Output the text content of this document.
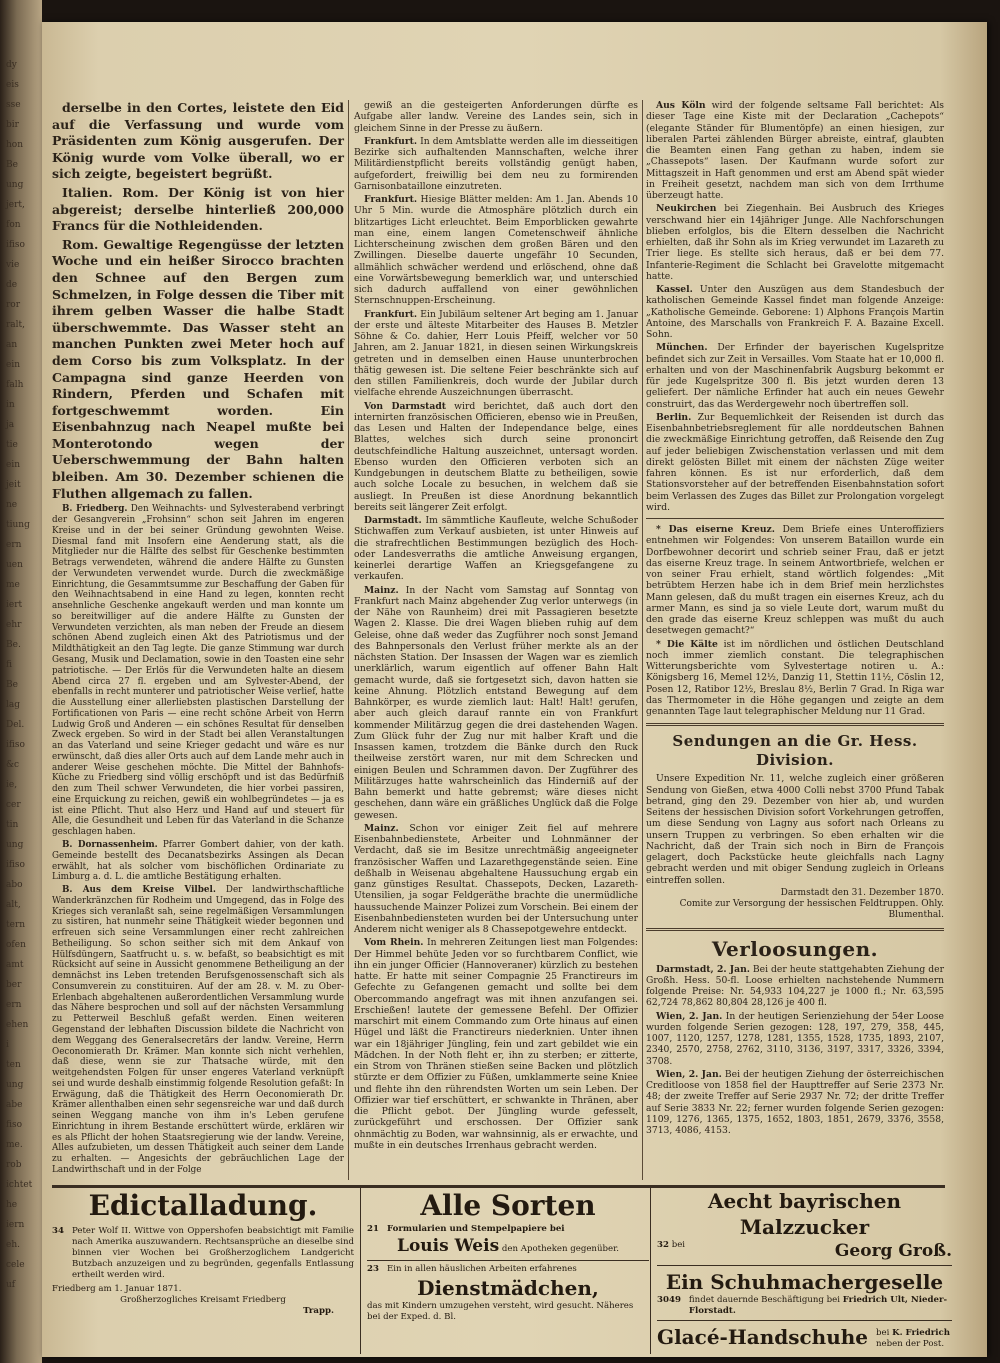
dy
eis
sse
bir
hon
Be
ung
jert,
fon
ifiso
vie
de
ror
ralt,
an
ein
falh
in
ja
tie
ein
jeit
ne
tiung
ern
uen
me
iert
ehr
Be.
fi
Be
lag
Del.
ifiso
&c
ie,
cer
tin
ung
ifiso
abo
alt,
tern
ofen
amt
ber
ern
ehen
i
ten
ung
abe
fiso
me.
rob
ichtet
he
iern
eh.
cele
uf

derselbe in den Cortes, leistete den Eid auf die Verfassung und wurde vom Präsidenten zum König ausgerufen. Der König wurde vom Volke überall, wo er sich zeigte, begeistert begrüßt.

Italien. Rom. Der König ist von hier abgereist; derselbe hinterließ 200,000 Francs für die Nothleidenden.

Rom. Gewaltige Regengüsse der letzten Woche und ein heißer Sirocco brachten den Schnee auf den Bergen zum Schmelzen, in Folge dessen die Tiber mit ihrem gelben Wasser die halbe Stadt überschwemmte. Das Wasser steht an manchen Punkten zwei Meter hoch auf dem Corso bis zum Volksplatz. In der Campagna sind ganze Heerden von Rindern, Pferden und Schafen mit fortgeschwemmt worden. Ein Eisenbahnzug nach Neapel mußte bei Monterotondo wegen der Ueberschwemmung der Bahn halten bleiben. Am 30. Dezember schienen die Fluthen allgemach zu fallen.

B. Friedberg. Den Weihnachts- und Sylvesterabend verbringt der Gesangverein „Frohsinn“ schon seit Jahren im engeren Kreise und in der bei seiner Gründung gewohnten Weise. Diesmal fand mit Insofern eine Aenderung statt, als die Mitglieder nur die Hälfte des selbst für Geschenke bestimmten Betrags verwendeten, während die andere Hälfte zu Gunsten der Verwundeten verwendet wurde. Durch die zweckmäßige Einrichtung, die Gesammtsumme zur Beschaffung der Gaben für den Weihnachtsabend in eine Hand zu legen, konnten recht ansehnliche Geschenke angekauft werden und man konnte um so bereitwilliger auf die andere Hälfte zu Gunsten der Verwundeten verzichten, als man neben der Freude an diesem schönen Abend zugleich einen Akt des Patriotismus und der Mildthätigkeit an den Tag legte. Die ganze Stimmung war durch Gesang, Musik und Declamation, sowie in den Toasten eine sehr patriotische. — Der Erlös für die Verwundeten halte an diesem Abend circa 27 fl. ergeben und am Sylvester-Abend, der ebenfalls in recht munterer und patriotischer Weise verlief, hatte die Ausstellung einer allerliebsten plastischen Darstellung der Fortificationen von Paris — eine recht schöne Arbeit von Herrn Ludwig Groß und Anderen — ein schönes Resultat für denselben Zweck ergeben. So wird in der Stadt bei allen Veranstaltungen an das Vaterland und seine Krieger gedacht und wäre es nur erwünscht, daß dies aller Orts auch auf dem Lande mehr auch in anderer Weise geschehen möchte. Die Mittel der Bahnhofs-Küche zu Friedberg sind völlig erschöpft und ist das Bedürfniß den zum Theil schwer Verwundeten, die hier vorbei passiren, eine Erquickung zu reichen, gewiß ein wohlbegründetes — ja es ist eine Pflicht. Thut also Herz und Hand auf und steuert für Alle, die Gesundheit und Leben für das Vaterland in die Schanze geschlagen haben.

B. Dornassenheim. Pfarrer Gombert dahier, von der kath. Gemeinde bestellt des Decanatsbezirks Assingen als Decan erwählt, hat als solcher vom bischöflichen Ordinariate zu Limburg a. d. L. die amtliche Bestätigung erhalten.

B. Aus dem Kreise Vilbel. Der landwirthschaftliche Wanderkränzchen für Rodheim und Umgegend, das in Folge des Krieges sich veranlaßt sah, seine regelmäßigen Versammlungen zu sistiren, hat nunmehr seine Thätigkeit wieder begonnen und erfreuen sich seine Versammlungen einer recht zahlreichen Betheiligung. So schon seither sich mit dem Ankauf von Hülfsdüngern, Saatfrucht u. s. w. befaßt, so beabsichtigt es mit Rücksicht auf seine in Aussicht genommene Betheiligung an der demnächst ins Leben tretenden Berufsgenossenschaft sich als Consumverein zu constituiren. Auf der am 28. v. M. zu Ober-Erlenbach abgehaltenen außerordentlichen Versammlung wurde das Nähere besprochen und soll auf der nächsten Versammlung zu Petterweil Beschluß gefaßt werden. Einen weiteren Gegenstand der lebhaften Discussion bildete die Nachricht von dem Weggang des Generalsecretärs der landw. Vereine, Herrn Oeconomierath Dr. Krämer. Man konnte sich nicht verhehlen, daß diese, wenn sie zur Thatsache würde, mit den weitgehendsten Folgen für unser engeres Vaterland verknüpft sei und wurde deshalb einstimmig folgende Resolution gefaßt: In Erwägung, daß die Thätigkeit des Herrn Oeconomierath Dr. Krämer allenthalben einen sehr segensreiche war und daß durch seinen Weggang manche von ihm in's Leben gerufene Einrichtung in ihrem Bestande erschüttert würde, erklären wir es als Pflicht der hohen Staatsregierung wie der landw. Vereine, Alles aufzubieten, um dessen Thätigkeit auch seiner dem Lande zu erhalten. — Angesichts der gebräuchlichen Lage der Landwirthschaft und in der Folge

gewiß an die gesteigerten Anforderungen dürfte es Aufgabe aller landw. Vereine des Landes sein, sich in gleichem Sinne in der Presse zu äußern.

Frankfurt. In dem Amtsblatte werden alle im diesseitigen Bezirke sich aufhaltenden Mannschaften, welche ihrer Militärdienstpflicht bereits vollständig genügt haben, aufgefordert, freiwillig bei dem neu zu formirenden Garnisonbataillone einzutreten.

Frankfurt. Hiesige Blätter melden: Am 1. Jan. Abends 10 Uhr 5 Min. wurde die Atmosphäre plötzlich durch ein blitzartiges Licht erleuchtet. Beim Emporblicken gewahrte man eine, einem langen Cometenschweif ähnliche Lichterscheinung zwischen dem großen Bären und den Zwillingen. Dieselbe dauerte ungefähr 10 Secunden, allmählich schwächer werdend und erlöschend, ohne daß eine Vorwärtsbewegung bemerklich war, und unterschied sich dadurch auffallend von einer gewöhnlichen Sternschnuppen-Erscheinung.

Frankfurt. Ein Jubiläum seltener Art beging am 1. Januar der erste und älteste Mitarbeiter des Hauses B. Metzler Söhne & Co. dahier, Herr Louis Pfeiff, welcher vor 50 Jahren, am 2. Januar 1821, in diesen seinen Wirkungskreis getreten und in demselben einen Hause ununterbrochen thätig gewesen ist. Die seltene Feier beschränkte sich auf den stillen Familienkreis, doch wurde der Jubilar durch vielfache ehrende Auszeichnungen überrascht.

Von Darmstadt wird berichtet, daß auch dort den internirten französischen Officieren, ebenso wie in Preußen, das Lesen und Halten der Independance belge, eines Blattes, welches sich durch seine prononcirt deutschfeindliche Haltung auszeichnet, untersagt worden. Ebenso wurden den Officieren verboten sich an Kundgebungen in deutschem Blatte zu betheiligen, sowie auch solche Locale zu besuchen, in welchem daß sie ausliegt. In Preußen ist diese Anordnung bekanntlich bereits seit längerer Zeit erfolgt.

Darmstadt. Im sämmtliche Kaufleute, welche Schußoder Stichwaffen zum Verkauf ausbieten, ist unter Hinweis auf die strafrechtlichen Bestimmungen bezüglich des Hoch- oder Landesverraths die amtliche Anweisung ergangen, keinerlei derartige Waffen an Kriegsgefangene zu verkaufen.

Mainz. In der Nacht vom Samstag auf Sonntag von Frankfurt nach Mainz abgehender Zug verlor unterwegs (in der Nähe von Raunheim) drei mit Passagieren besetzte Wagen 2. Klasse. Die drei Wagen blieben ruhig auf dem Geleise, ohne daß weder das Zugführer noch sonst Jemand des Bahnpersonals den Verlust früher merkte als an der nächsten Station. Der Insassen der Wagen war es ziemlich unerklärlich, warum eigentlich auf offener Bahn Halt gemacht wurde, daß sie fortgesetzt sich, davon hatten sie keine Ahnung. Plötzlich entstand Bewegung auf dem Bahnkörper, es wurde ziemlich laut: Halt! Halt! gerufen, aber auch gleich darauf rannte ein von Frankfurt kommender Militärzug gegen die drei dastehenden Wagen. Zum Glück fuhr der Zug nur mit halber Kraft und die Insassen kamen, trotzdem die Bänke durch den Ruck theilweise zerstört waren, nur mit dem Schrecken und einigen Beulen und Schrammen davon. Der Zugführer des Militärzuges hatte wahrscheinlich das Hinderniß auf der Bahn bemerkt und hatte gebremst; wäre dieses nicht geschehen, dann wäre ein gräßliches Unglück daß die Folge gewesen.

Mainz. Schon vor einiger Zeit fiel auf mehrere Eisenbahnbedienstete, Arbeiter und Lohnmänner der Verdacht, daß sie im Besitze unrechtmäßig angeeigneter französischer Waffen und Lazarethgegenstände seien. Eine deßhalb in Weisenau abgehaltene Haussuchung ergab ein ganz günstiges Resultat. Chassepots, Decken, Lazareth-Utensilien, ja sogar Feldgeräthe brachte die unermüdliche haussuchende Mainzer Polizei zum Vorschein. Bei einem der Eisenbahnbediensteten wurden bei der Untersuchung unter Anderem nicht weniger als 8 Chassepotgewehre entdeckt.

Vom Rhein. In mehreren Zeitungen liest man Folgendes: Der Himmel behüte Jeden vor so furchtbarem Conflict, wie ihn ein junger Officier (Hannoveraner) kürzlich zu bestehen hatte. Er hatte mit seiner Compagnie 25 Franctireurs im Gefechte zu Gefangenen gemacht und sollte bei dem Obercommando angefragt was mit ihnen anzufangen sei. Erschießen! lautete der gemessene Befehl. Der Offizier marschirt mit einem Commando zum Orte hinaus auf einen Hügel und läßt die Franctireurs niederknien. Unter ihnen war ein 18jähriger Jüngling, fein und zart gebildet wie ein Mädchen. In der Noth fleht er, ihn zu sterben; er zitterte, ein Strom von Thränen stießen seine Backen und plötzlich stürzte er dem Offizier zu Füßen, umklammerte seine Kniee und flehte ihn den rührendsten Worten um sein Leben. Der Offizier war tief erschüttert, er schwankte in Thränen, aber die Pflicht gebot. Der Jüngling wurde gefesselt, zurückgeführt und erschossen. Der Offizier sank ohnmächtig zu Boden, war wahnsinnig, als er erwachte, und mußte in ein deutsches Irrenhaus gebracht werden.

Aus Köln wird der folgende seltsame Fall berichtet: Als dieser Tage eine Kiste mit der Declaration „Cachepots“ (elegante Ständer für Blumentöpfe) an einen hiesigen, zur liberalen Partei zählenden Bürger abreiste, eintraf, glaubten die Beamten einen Fang gethan zu haben, indem sie „Chassepots“ lasen. Der Kaufmann wurde sofort zur Mittagszeit in Haft genommen und erst am Abend spät wieder in Freiheit gesetzt, nachdem man sich von dem Irrthume überzeugt hatte.

Neukirchen bei Ziegenhain. Bei Ausbruch des Krieges verschwand hier ein 14jähriger Junge. Alle Nachforschungen blieben erfolglos, bis die Eltern desselben die Nachricht erhielten, daß ihr Sohn als im Krieg verwundet im Lazareth zu Trier liege. Es stellte sich heraus, daß er bei dem 77. Infanterie-Regiment die Schlacht bei Gravelotte mitgemacht hatte.

Kassel. Unter den Auszügen aus dem Standesbuch der katholischen Gemeinde Kassel findet man folgende Anzeige: „Katholische Gemeinde. Geborene: 1) Alphons François Martin Antoine, des Marschalls von Frankreich F. A. Bazaine Excell. Sohn.

München. Der Erfinder der bayerischen Kugelspritze befindet sich zur Zeit in Versailles. Vom Staate hat er 10,000 fl. erhalten und von der Maschinenfabrik Augsburg bekommt er für jede Kugelspritze 300 fl. Bis jetzt wurden deren 13 geliefert. Der nämliche Erfinder hat auch ein neues Gewehr construirt, das das Werdergewehr noch übertreffen soll.

Berlin. Zur Bequemlichkeit der Reisenden ist durch das Eisenbahnbetriebsreglement für alle norddeutschen Bahnen die zweckmäßige Einrichtung getroffen, daß Reisende den Zug auf jeder beliebigen Zwischenstation verlassen und mit dem direkt gelösten Billet mit einem der nächsten Züge weiter fahren können. Es ist nur erforderlich, daß dem Stationsvorsteher auf der betreffenden Eisenbahnstation sofort beim Verlassen des Zuges das Billet zur Prolongation vorgelegt wird.

* Das eiserne Kreuz. Dem Briefe eines Unteroffiziers entnehmen wir Folgendes: Von unserem Bataillon wurde ein Dorfbewohner decorirt und schrieb seiner Frau, daß er jetzt das eiserne Kreuz trage. In seinem Antwortbriefe, welchen er von seiner Frau erhielt, stand wörtlich folgendes: „Mit betrübtem Herzen habe ich in dem Brief mein herzlichstes Mann gelesen, daß du mußt tragen ein eisernes Kreuz, ach du armer Mann, es sind ja so viele Leute dort, warum mußt du den grade das eiserne Kreuz schleppen was mußt du auch desetwegen gemacht?“

* Die Kälte ist im nördlichen und östlichen Deutschland noch immer ziemlich constant. Die telegraphischen Witterungsberichte vom Sylvestertage notiren u. A.: Königsberg 16, Memel 12½, Danzig 11, Stettin 11½, Cöslin 12, Posen 12, Ratibor 12½, Breslau 8½, Berlin 7 Grad. In Riga war das Thermometer in die Höhe gegangen und zeigte an dem genannten Tage laut telegraphischer Meldung nur 11 Grad.

Sendungen an die Gr. Hess. Division.

Unsere Expedition Nr. 11, welche zugleich einer größeren Sendung von Gießen, etwa 4000 Colli nebst 3700 Pfund Tabak betrand, ging den 29. Dezember von hier ab, und wurden Seitens der hessischen Division sofort Vorkehrungen getroffen, um diese Sendung von Lagny aus sofort nach Orleans zu unsern Truppen zu verbringen. So eben erhalten wir die Nachricht, daß der Train sich noch in Birn de François gelagert, doch Packstücke heute gleichfalls nach Lagny gebracht werden und mit obiger Sendung zugleich in Orleans eintreffen sollen.

Darmstadt den 31. Dezember 1870.
Comite zur Versorgung der hessischen Feldtruppen. Ohly. Blumenthal.
Verloosungen.

Darmstadt, 2. Jan. Bei der heute stattgehabten Ziehung der Großh. Hess. 50-fl. Loose erhielten nachstehende Nummern folgende Preise: Nr. 54,933 104,227 je 1000 fl.; Nr. 63,595 62,724 78,862 80,804 28,126 je 400 fl.

Wien, 2. Jan. In der heutigen Serienziehung der 54er Loose wurden folgende Serien gezogen: 128, 197, 279, 358, 445, 1007, 1120, 1257, 1278, 1281, 1355, 1528, 1735, 1893, 2107, 2340, 2570, 2758, 2762, 3110, 3136, 3197, 3317, 3326, 3394, 3708.

Wien, 2. Jan. Bei der heutigen Ziehung der österreichischen Creditloose von 1858 fiel der Haupttreffer auf Serie 2373 Nr. 48; der zweite Treffer auf Serie 2937 Nr. 72; der dritte Treffer auf Serie 3833 Nr. 22; ferner wurden folgende Serien gezogen: 1109, 1276, 1365, 1375, 1652, 1803, 1851, 2679, 3376, 3558, 3713, 4086, 4153.

Edictalladung.
34 Peter Wolf II. Wittwe von Oppershofen beabsichtigt mit Familie nach Amerika auszuwandern. Rechtsansprüche an dieselbe sind binnen vier Wochen bei Großherzoglichem Landgericht Butzbach anzuzeigen und zu begründen, gegenfalls Entlassung ertheilt werden wird.
Friedberg am 1. Januar 1871.
Großherzogliches Kreisamt Friedberg
Trapp.
Alle Sorten
21 Formularien und Stempelpapiere bei
Louis Weis den Apotheken gegenüber.
23 Ein in allen häuslichen Arbeiten erfahrenes
Dienstmädchen,
das mit Kindern umzugehen versteht, wird gesucht. Näheres bei der Exped. d. Bl.
Aecht bayrischen Malzzucker
32 bei	Georg Groß.
Ein Schuhmachergeselle
3049 findet dauernde Beschäftigung bei Friedrich Ult, Nieder-Florstadt.
Glacé-Handschuhe bei K. Friedrich
neben der Post.
